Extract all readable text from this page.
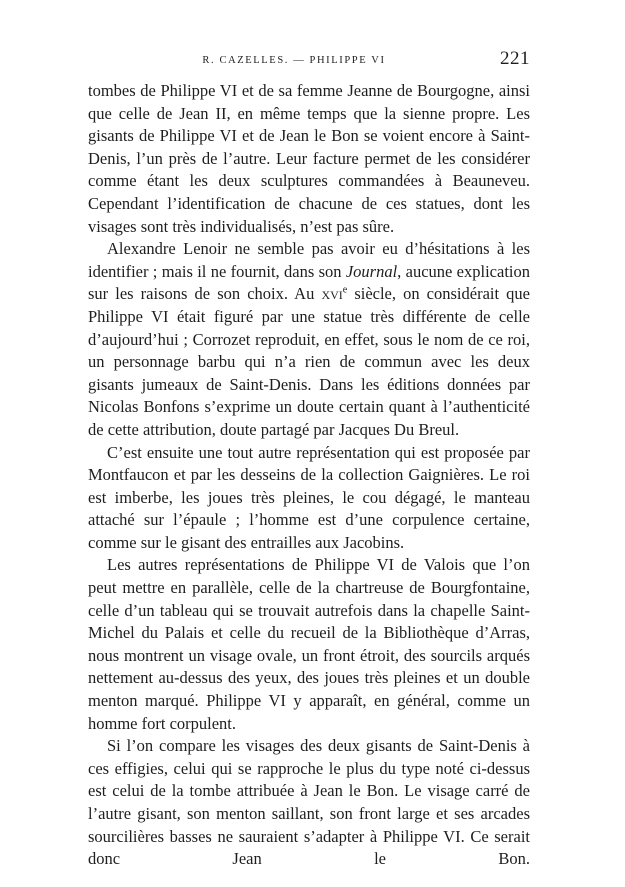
R. CAZELLES. — PHILIPPE VI	221

tombes de Philippe VI et de sa femme Jeanne de Bourgogne, ainsi que celle de Jean II, en même temps que la sienne propre. Les gisants de Philippe VI et de Jean le Bon se voient encore à Saint-Denis, l’un près de l’autre. Leur facture permet de les considérer comme étant les deux sculptures commandées à Beauneveu. Cependant l’identification de chacune de ces statues, dont les visages sont très individualisés, n’est pas sûre.

Alexandre Lenoir ne semble pas avoir eu d’hésitations à les identifier ; mais il ne fournit, dans son Journal, aucune explication sur les raisons de son choix. Au xvi$^e$ siècle, on considérait que Philippe VI était figuré par une statue très différente de celle d’aujourd’hui ; Corrozet reproduit, en effet, sous le nom de ce roi, un personnage barbu qui n’a rien de commun avec les deux gisants jumeaux de Saint-Denis. Dans les éditions données par Nicolas Bonfons s’exprime un doute certain quant à l’authenticité de cette attribution, doute partagé par Jacques Du Breul.

C’est ensuite une tout autre représentation qui est proposée par Montfaucon et par les desseins de la collection Gaignières. Le roi est imberbe, les joues très pleines, le cou dégagé, le manteau attaché sur l’épaule ; l’homme est d’une corpulence certaine, comme sur le gisant des entrailles aux Jacobins.

Les autres représentations de Philippe VI de Valois que l’on peut mettre en parallèle, celle de la chartreuse de Bourgfontaine, celle d’un tableau qui se trouvait autrefois dans la chapelle Saint-Michel du Palais et celle du recueil de la Bibliothèque d’Arras, nous montrent un visage ovale, un front étroit, des sourcils arqués nettement au-dessus des yeux, des joues très pleines et un double menton marqué. Philippe VI y apparaît, en général, comme un homme fort corpulent.

Si l’on compare les visages des deux gisants de Saint-Denis à ces effigies, celui qui se rapproche le plus du type noté ci-dessus est celui de la tombe attribuée à Jean le Bon. Le visage carré de l’autre gisant, son menton saillant, son front large et ses arcades sourcilières basses ne sauraient s’adapter à Philippe VI. Ce serait donc Jean le Bon.
